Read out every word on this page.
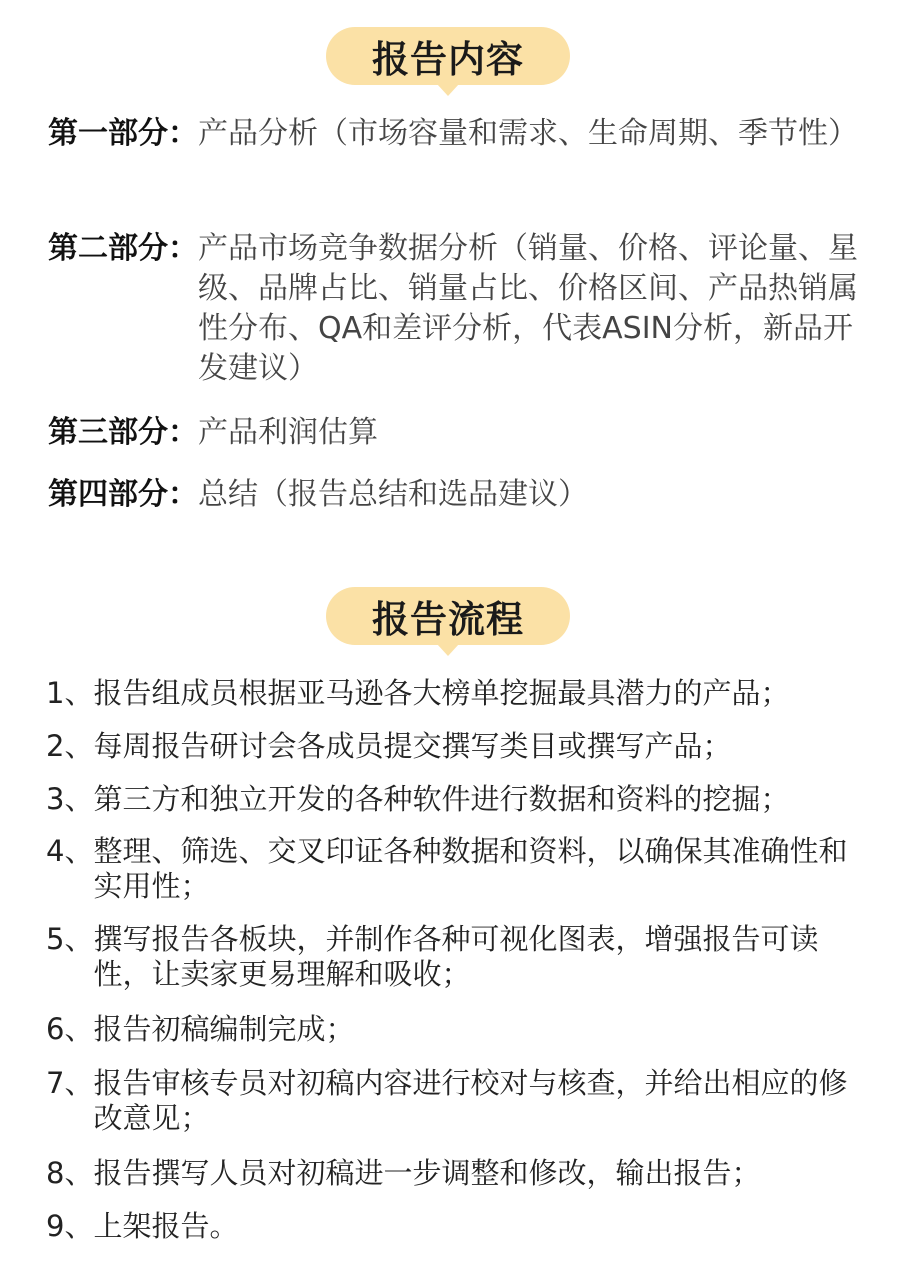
报告内容
第一部分： 产品分析（市场容量和需求、生命周期、季节性）
第二部分： 产品市场竞争数据分析（销量、价格、评论量、星级、品牌占比、销量占比、价格区间、产品热销属性分布、QA和差评分析，代表ASIN分析，新品开发建议）
第三部分： 产品利润估算
第四部分： 总结（报告总结和选品建议）
报告流程
1、 报告组成员根据亚马逊各大榜单挖掘最具潜力的产品；
2、 每周报告研讨会各成员提交撰写类目或撰写产品；
3、 第三方和独立开发的各种软件进行数据和资料的挖掘；
4、 整理、筛选、交叉印证各种数据和资料，以确保其准确性和实用性；
5、 撰写报告各板块，并制作各种可视化图表，增强报告可读性，让卖家更易理解和吸收；
6、 报告初稿编制完成；
7、 报告审核专员对初稿内容进行校对与核查，并给出相应的修改意见；
8、 报告撰写人员对初稿进一步调整和修改，输出报告；
9、 上架报告。
